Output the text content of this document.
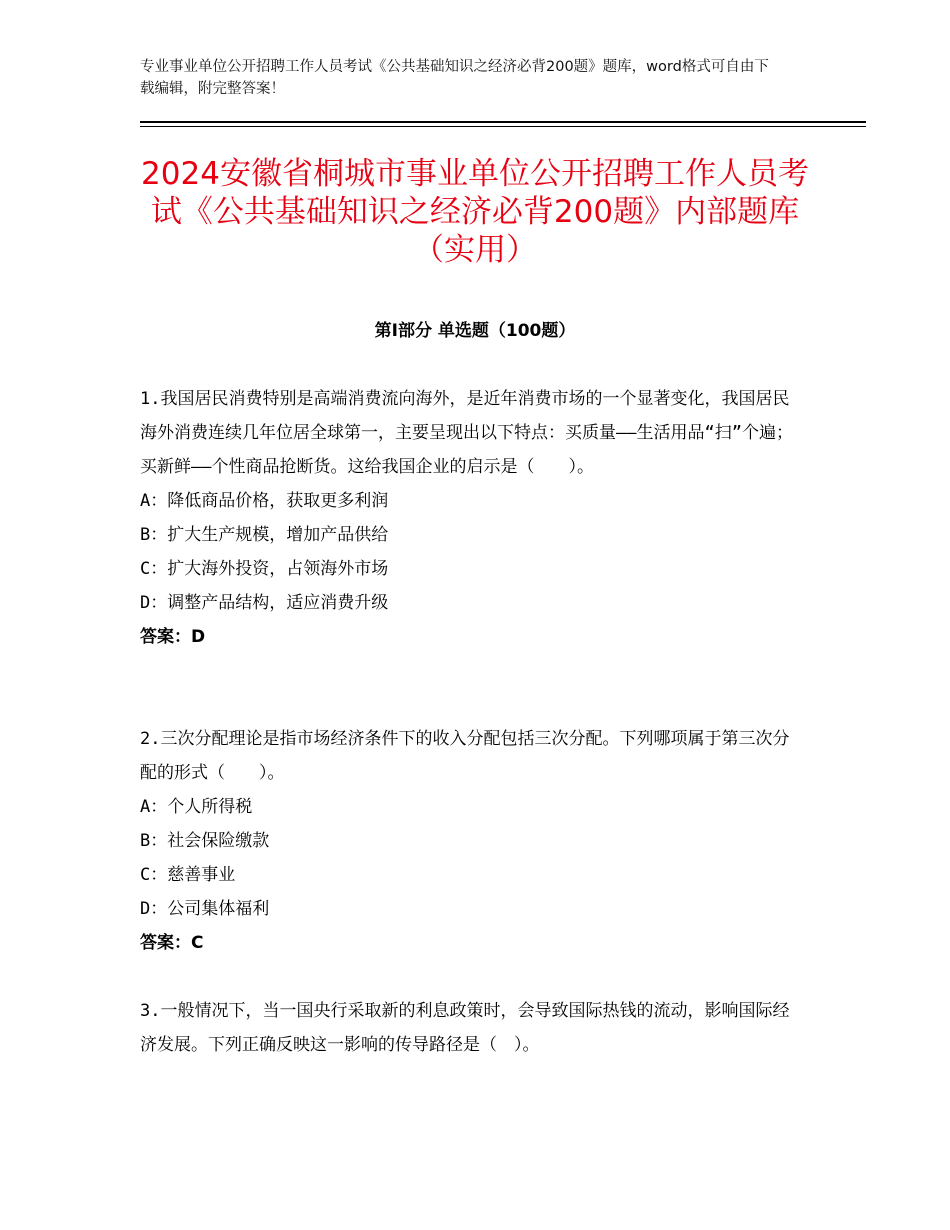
专业事业单位公开招聘工作人员考试《公共基础知识之经济必背200题》题库，word格式可自由下载编辑，附完整答案！
2024安徽省桐城市事业单位公开招聘工作人员考试《公共基础知识之经济必背200题》内部题库（实用）
第Ⅰ部分 单选题（100题）
1.我国居民消费特别是高端消费流向海外，是近年消费市场的一个显著变化，我国居民海外消费连续几年位居全球第一，主要呈现出以下特点：买质量——生活用品“扫”个遍；买新鲜——个性商品抢断货。这给我国企业的启示是（　　）。
A：降低商品价格，获取更多利润
B：扩大生产规模，增加产品供给
C：扩大海外投资，占领海外市场
D：调整产品结构，适应消费升级
答案：D
2.三次分配理论是指市场经济条件下的收入分配包括三次分配。下列哪项属于第三次分配的形式（　　）。
A：个人所得税
B：社会保险缴款
C：慈善事业
D：公司集体福利
答案：C
3.一般情况下，当一国央行采取新的利息政策时，会导致国际热钱的流动，影响国际经济发展。下列正确反映这一影响的传导路径是（　）。
